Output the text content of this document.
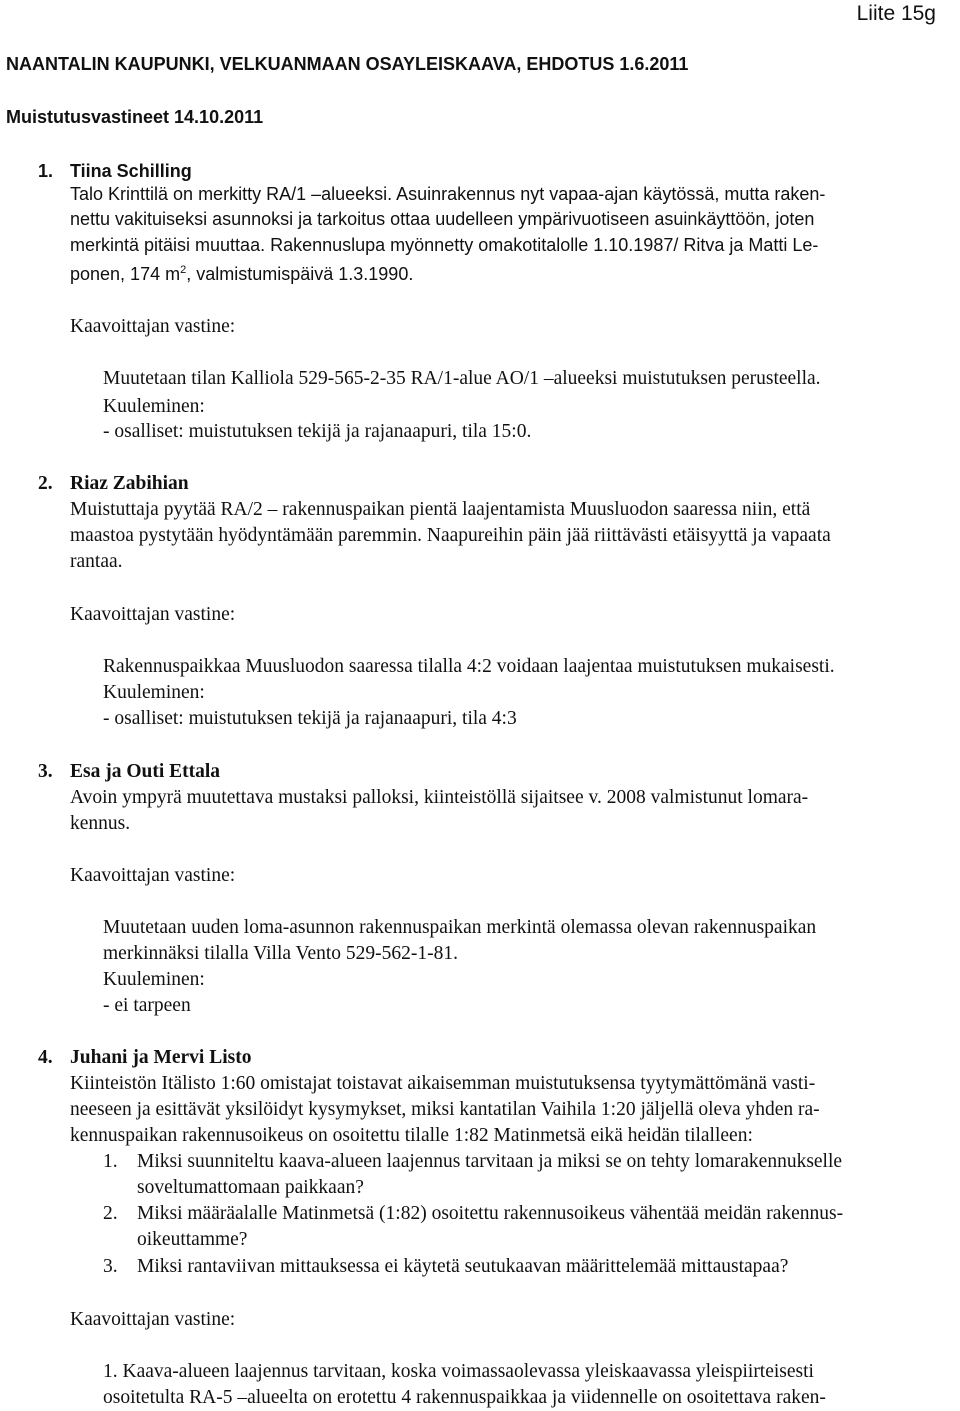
Liite 15g
NAANTALIN KAUPUNKI, VELKUANMAAN OSAYLEISKAAVA, EHDOTUS 1.6.2011
Muistutusvastineet 14.10.2011
1. Tiina Schilling
Talo Krinttilä on merkitty RA/1 –alueeksi. Asuinrakennus nyt vapaa-ajan käytössä, mutta raken-
nettu vakituiseksi asunnoksi ja tarkoitus ottaa uudelleen ympärivuotiseen asuinkäyttöön, joten
merkintä pitäisi muuttaa. Rakennuslupa myönnetty omakotitalolle 1.10.1987/ Ritva ja Matti Le-
ponen, 174 $m^2$, valmistumispäivä 1.3.1990.
Kaavoittajan vastine:
Muutetaan tilan Kalliola 529-565-2-35 RA/1-alue AO/1 –alueeksi muistutuksen perusteella.
Kuuleminen:
- osalliset: muistutuksen tekijä ja rajanaapuri, tila 15:0.
2. Riaz Zabihian
Muistuttaja pyytää RA/2 – rakennuspaikan pientä laajentamista Muusluodon saaressa niin, että
maastoa pystytään hyödyntämään paremmin. Naapureihin päin jää riittävästi etäisyyttä ja vapaata
rantaa.
Kaavoittajan vastine:
Rakennuspaikkaa Muusluodon saaressa tilalla 4:2 voidaan laajentaa muistutuksen mukaisesti.
Kuuleminen:
- osalliset: muistutuksen tekijä ja rajanaapuri, tila 4:3
3. Esa ja Outi Ettala
Avoin ympyrä muutettava mustaksi palloksi, kiinteistöllä sijaitsee v. 2008 valmistunut lomara-
kennus.
Kaavoittajan vastine:
Muutetaan uuden loma-asunnon rakennuspaikan merkintä olemassa olevan rakennuspaikan
merkinnäksi tilalla Villa Vento 529-562-1-81.
Kuuleminen:
- ei tarpeen
4. Juhani ja Mervi Listo
Kiinteistön Itälisto 1:60 omistajat toistavat aikaisemman muistutuksensa tyytymättömänä vasti-
neeseen ja esittävät yksilöidyt kysymykset, miksi kantatilan Vaihila 1:20 jäljellä oleva yhden ra-
kennuspaikan rakennusoikeus on osoitettu tilalle 1:82 Matinmetsä eikä heidän tilalleen:
1. Miksi suunniteltu kaava-alueen laajennus tarvitaan ja miksi se on tehty lomarakennukselle
soveltumattomaan paikkaan?
2. Miksi määräalalle Matinmetsä (1:82) osoitettu rakennusoikeus vähentää meidän rakennus-
oikeuttamme?
3. Miksi rantaviivan mittauksessa ei käytetä seutukaavan määrittelemää mittaustapaa?
Kaavoittajan vastine:
1. Kaava-alueen laajennus tarvitaan, koska voimassaolevassa yleiskaavassa yleispiirteisesti
osoitetulta RA-5 –alueelta on erotettu 4 rakennuspaikkaa ja viidennelle on osoitettava raken-
